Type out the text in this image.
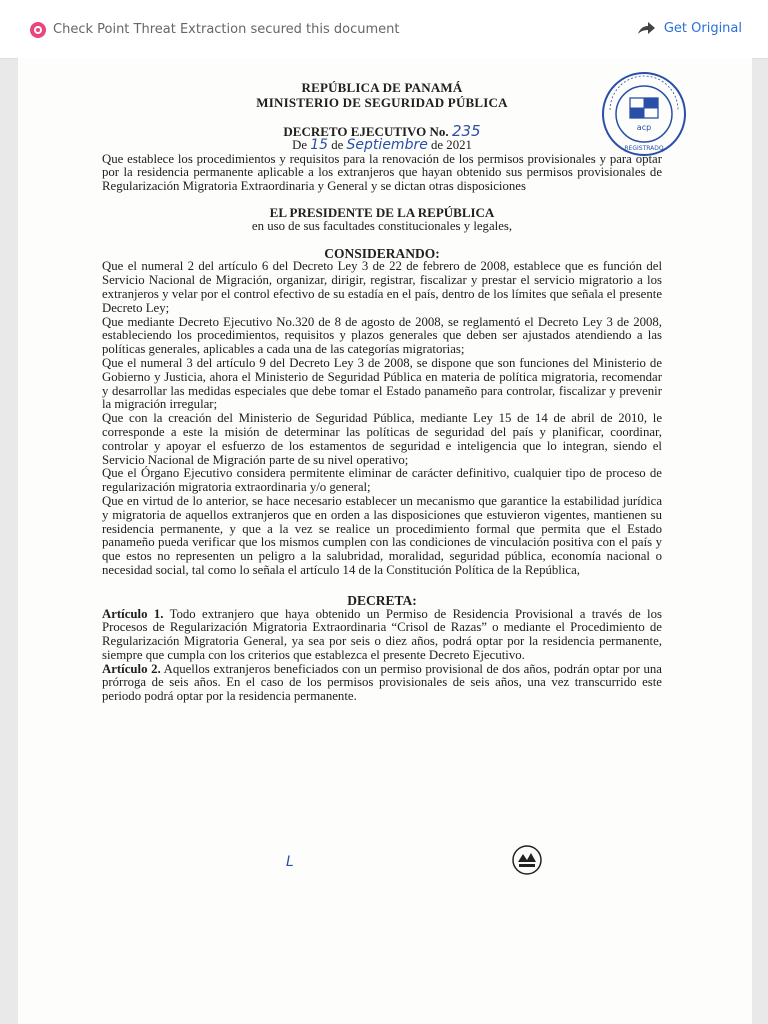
Check Point Threat Extraction secured this document	Get Original
acp
REGISTRADO
REPÚBLICA DE PANAMÁ
MINISTERIO DE SEGURIDAD PÚBLICA
DECRETO EJECUTIVO No. 235
De 15 de Septiembre de 2021

Que establece los procedimientos y requisitos para la renovación de los permisos provisionales y para optar por la residencia permanente aplicable a los extranjeros que hayan obtenido sus permisos provisionales de Regularización Migratoria Extraordinaria y General y se dictan otras disposiciones

EL PRESIDENTE DE LA REPÚBLICA
en uso de sus facultades constitucionales y legales,
CONSIDERANDO:

Que el numeral 2 del artículo 6 del Decreto Ley 3 de 22 de febrero de 2008, establece que es función del Servicio Nacional de Migración, organizar, dirigir, registrar, fiscalizar y prestar el servicio migratorio a los extranjeros y velar por el control efectivo de su estadía en el país, dentro de los límites que señala el presente Decreto Ley;

Que mediante Decreto Ejecutivo No.320 de 8 de agosto de 2008, se reglamentó el Decreto Ley 3 de 2008, estableciendo los procedimientos, requisitos y plazos generales que deben ser ajustados atendiendo a las políticas generales, aplicables a cada una de las categorías migratorias;

Que el numeral 3 del artículo 9 del Decreto Ley 3 de 2008, se dispone que son funciones del Ministerio de Gobierno y Justicia, ahora el Ministerio de Seguridad Pública en materia de política migratoria, recomendar y desarrollar las medidas especiales que debe tomar el Estado panameño para controlar, fiscalizar y prevenir la migración irregular;

Que con la creación del Ministerio de Seguridad Pública, mediante Ley 15 de 14 de abril de 2010, le corresponde a este la misión de determinar las políticas de seguridad del país y planificar, coordinar, controlar y apoyar el esfuerzo de los estamentos de seguridad e inteligencia que lo integran, siendo el Servicio Nacional de Migración parte de su nivel operativo;

Que el Órgano Ejecutivo considera permitente eliminar de carácter definitivo, cualquier tipo de proceso de regularización migratoria extraordinaria y/o general;

Que en virtud de lo anterior, se hace necesario establecer un mecanismo que garantice la estabilidad jurídica y migratoria de aquellos extranjeros que en orden a las disposiciones que estuvieron vigentes, mantienen su residencia permanente, y que a la vez se realice un procedimiento formal que permita que el Estado panameño pueda verificar que los mismos cumplen con las condiciones de vinculación positiva con el país y que estos no representen un peligro a la salubridad, moralidad, seguridad pública, economía nacional o necesidad social, tal como lo señala el artículo 14 de la Constitución Política de la República,

DECRETA:

Artículo 1. Todo extranjero que haya obtenido un Permiso de Residencia Provisional a través de los Procesos de Regularización Migratoria Extraordinaria “Crisol de Razas” o mediante el Procedimiento de Regularización Migratoria General, ya sea por seis o diez años, podrá optar por la residencia permanente, siempre que cumpla con los criterios que establezca el presente Decreto Ejecutivo.

Artículo 2. Aquellos extranjeros beneficiados con un permiso provisional de dos años, podrán optar por una prórroga de seis años. En el caso de los permisos provisionales de seis años, una vez transcurrido este periodo podrá optar por la residencia permanente.

L
